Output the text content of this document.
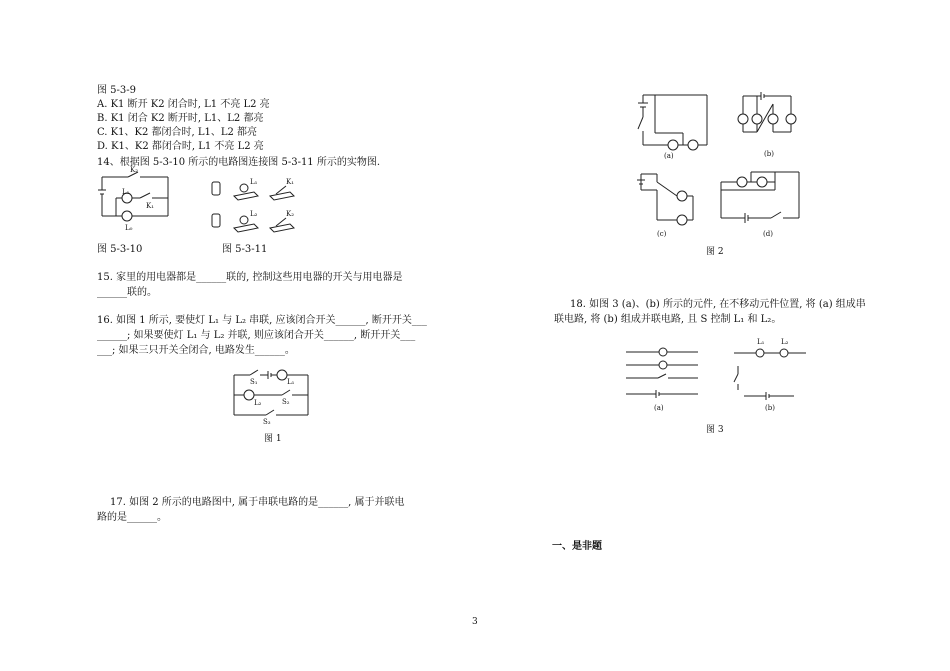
图 5-3-9
A. K1 断开 K2 闭合时, L1 不亮 L2 亮
B. K1 闭合 K2 断开时, L1、L2 都亮
C. K1、K2 都闭合时, L1、L2 都亮
D. K1、K2 都闭合时, L1 不亮 L2 亮
14、根据图 5-3-10 所示的电路图连接图 5-3-11 所示的实物图.
K₂
L₁
K₁
L₀
L₁	K₁
L₂	K₂
图 5-3-10	图 5-3-11
15. 家里的用电器都是______联的, 控制这些用电器的开关与用电器是
______联的。
16. 如图 1 所示, 要使灯 L₁ 与 L₂ 串联, 应该闭合开关______, 断开开关___
______; 如果要使灯 L₁ 与 L₂ 并联, 则应该闭合开关______, 断开开关___
___; 如果三只开关全闭合, 电路发生______。
S₁	L₁
L₂	S₂
S₃
图 1
17. 如图 2 所示的电路图中, 属于串联电路的是______, 属于并联电
路的是______。
(a)	(b)
(c)	(d)
图 2
18. 如图 3 (a)、(b) 所示的元件, 在不移动元件位置, 将 (a) 组成串
联电路, 将 (b) 组成并联电路, 且 S 控制 L₁ 和 L₂。
(a)
L₁ L₂
(b)
图 3
一、是非题
3
